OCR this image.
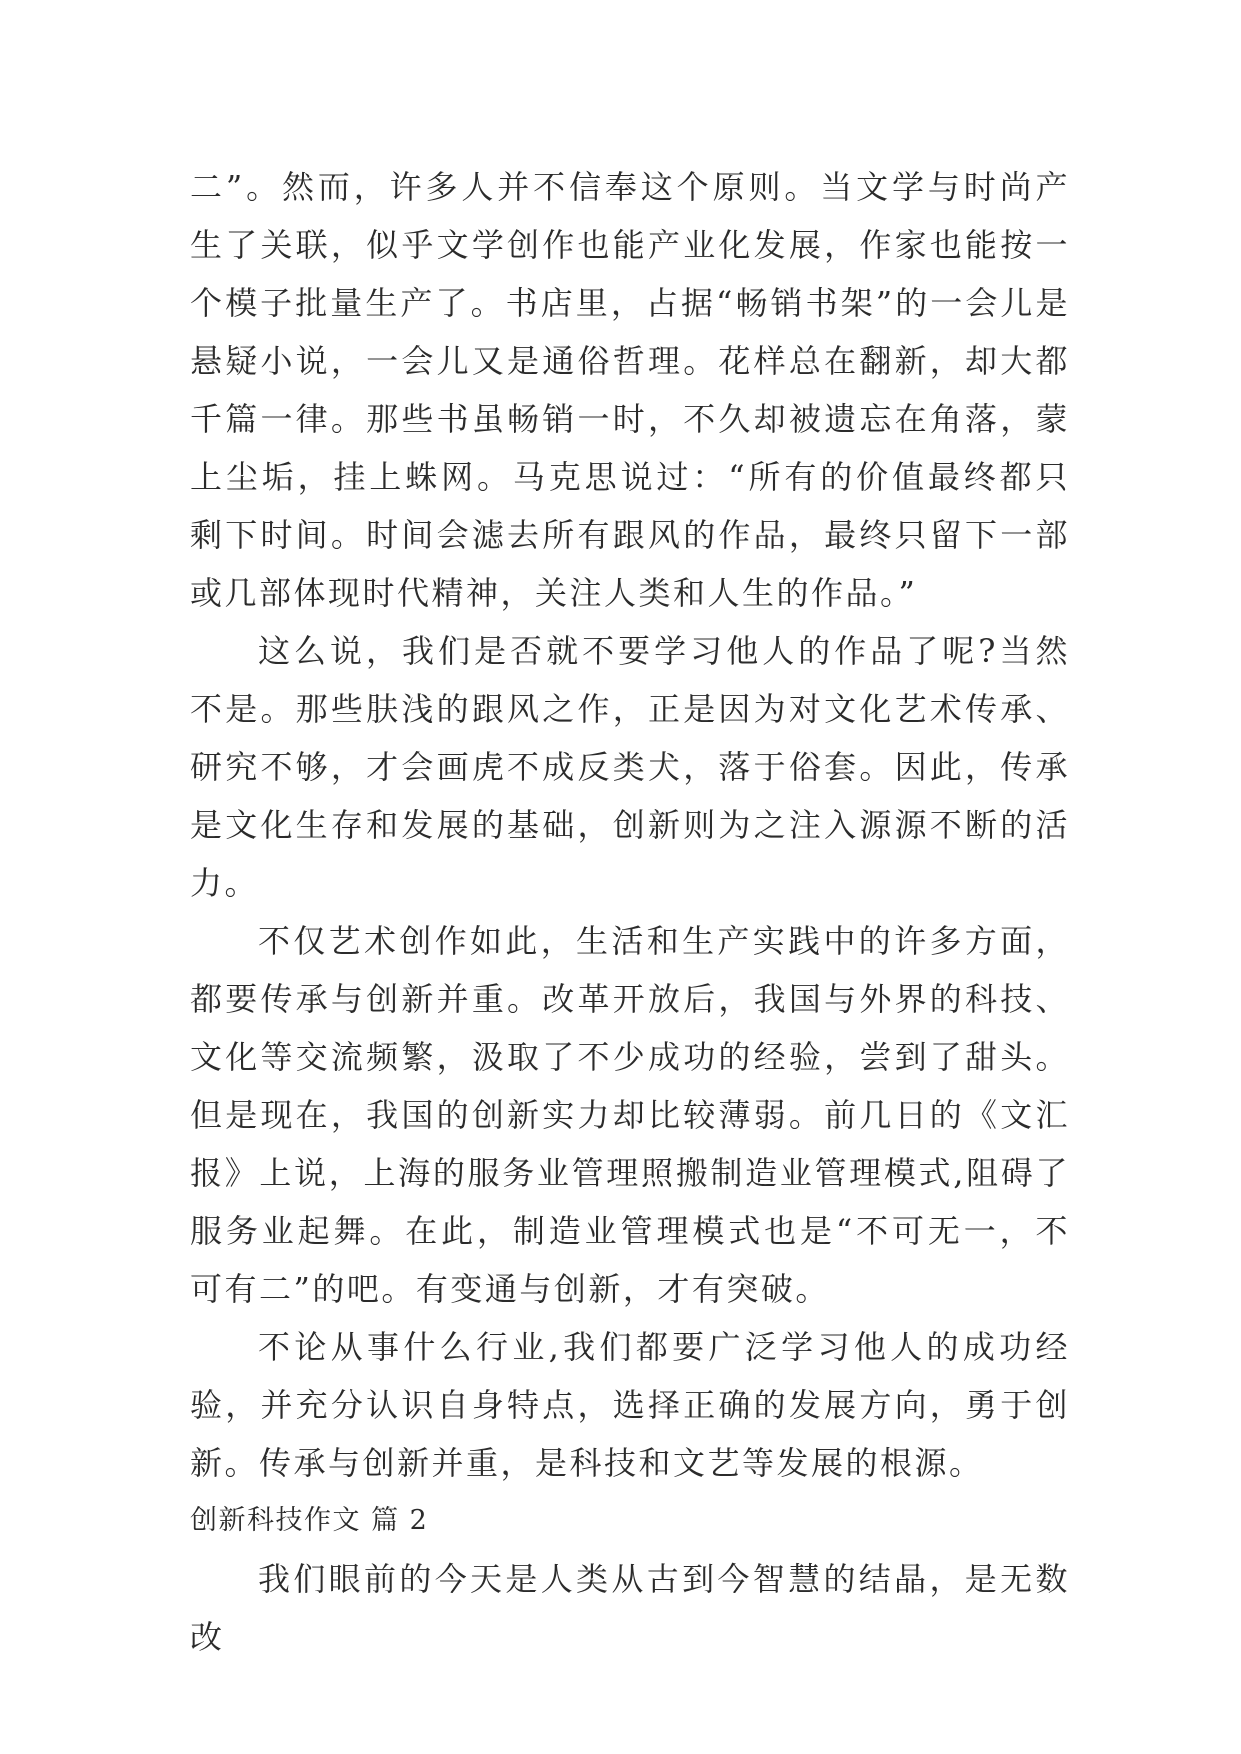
二”。然而，许多人并不信奉这个原则。当文学与时尚产生了关联，似乎文学创作也能产业化发展，作家也能按一个模子批量生产了。书店里，占据“畅销书架”的一会儿是悬疑小说，一会儿又是通俗哲理。花样总在翻新，却大都千篇一律。那些书虽畅销一时，不久却被遗忘在角落，蒙上尘垢，挂上蛛网。马克思说过：“所有的价值最终都只剩下时间。时间会滤去所有跟风的作品，最终只留下一部或几部体现时代精神，关注人类和人生的作品。”

这么说，我们是否就不要学习他人的作品了呢?当然不是。那些肤浅的跟风之作，正是因为对文化艺术传承、研究不够，才会画虎不成反类犬，落于俗套。因此，传承是文化生存和发展的基础，创新则为之注入源源不断的活力。

不仅艺术创作如此，生活和生产实践中的许多方面，都要传承与创新并重。改革开放后，我国与外界的科技、文化等交流频繁，汲取了不少成功的经验，尝到了甜头。但是现在，我国的创新实力却比较薄弱。前几日的《文汇报》上说，上海的服务业管理照搬制造业管理模式,阻碍了服务业起舞。在此，制造业管理模式也是“不可无一，不可有二”的吧。有变通与创新，才有突破。

不论从事什么行业,我们都要广泛学习他人的成功经验，并充分认识自身特点，选择正确的发展方向，勇于创新。传承与创新并重，是科技和文艺等发展的根源。

创新科技作文 篇 2

我们眼前的今天是人类从古到今智慧的结晶，是无数改
